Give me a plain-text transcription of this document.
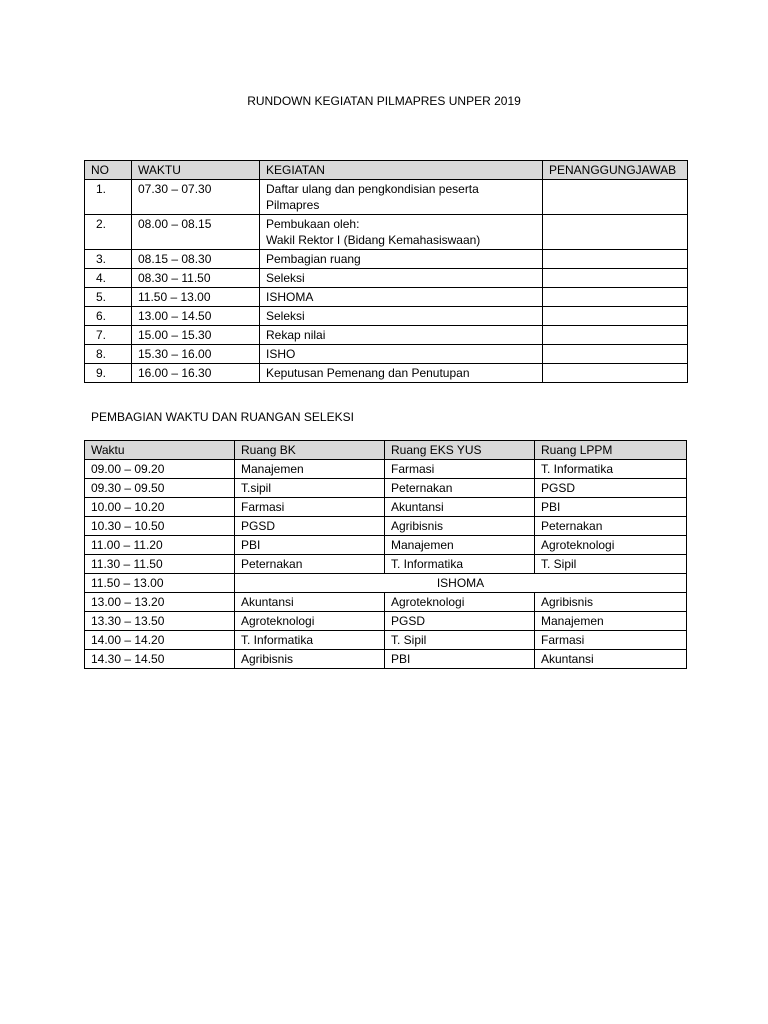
RUNDOWN KEGIATAN PILMAPRES UNPER 2019
NO	WAKTU	KEGIATAN	PENANGGUNGJAWAB
1.	07.30 – 07.30	Daftar ulang dan pengkondisian peserta
Pilmapres	

2.	08.00 – 08.15	Pembukaan oleh:
Wakil Rektor I (Bidang Kemahasiswaan)	

3.	08.15 – 08.30	Pembagian ruang	

4.	08.30 – 11.50	Seleksi	

5.	11.50 – 13.00	ISHOMA	

6.	13.00 – 14.50	Seleksi	

7.	15.00 – 15.30	Rekap nilai	

8.	15.30 – 16.00	ISHO	

9.	16.00 – 16.30	Keputusan Pemenang dan Penutupan	

PEMBAGIAN WAKTU DAN RUANGAN SELEKSI
Waktu	Ruang BK	Ruang EKS YUS	Ruang LPPM
09.00 – 09.20	Manajemen	Farmasi	T. Informatika
09.30 – 09.50	T.sipil	Peternakan	PGSD
10.00 – 10.20	Farmasi	Akuntansi	PBI
10.30 – 10.50	PGSD	Agribisnis	Peternakan
11.00 – 11.20	PBI	Manajemen	Agroteknologi
11.30 – 11.50	Peternakan	T. Informatika	T. Sipil
11.50 – 13.00	ISHOMA		
13.00 – 13.20	Akuntansi	Agroteknologi	Agribisnis
13.30 – 13.50	Agroteknologi	PGSD	Manajemen
14.00 – 14.20	T. Informatika	T. Sipil	Farmasi
14.30 – 14.50	Agribisnis	PBI	Akuntansi
